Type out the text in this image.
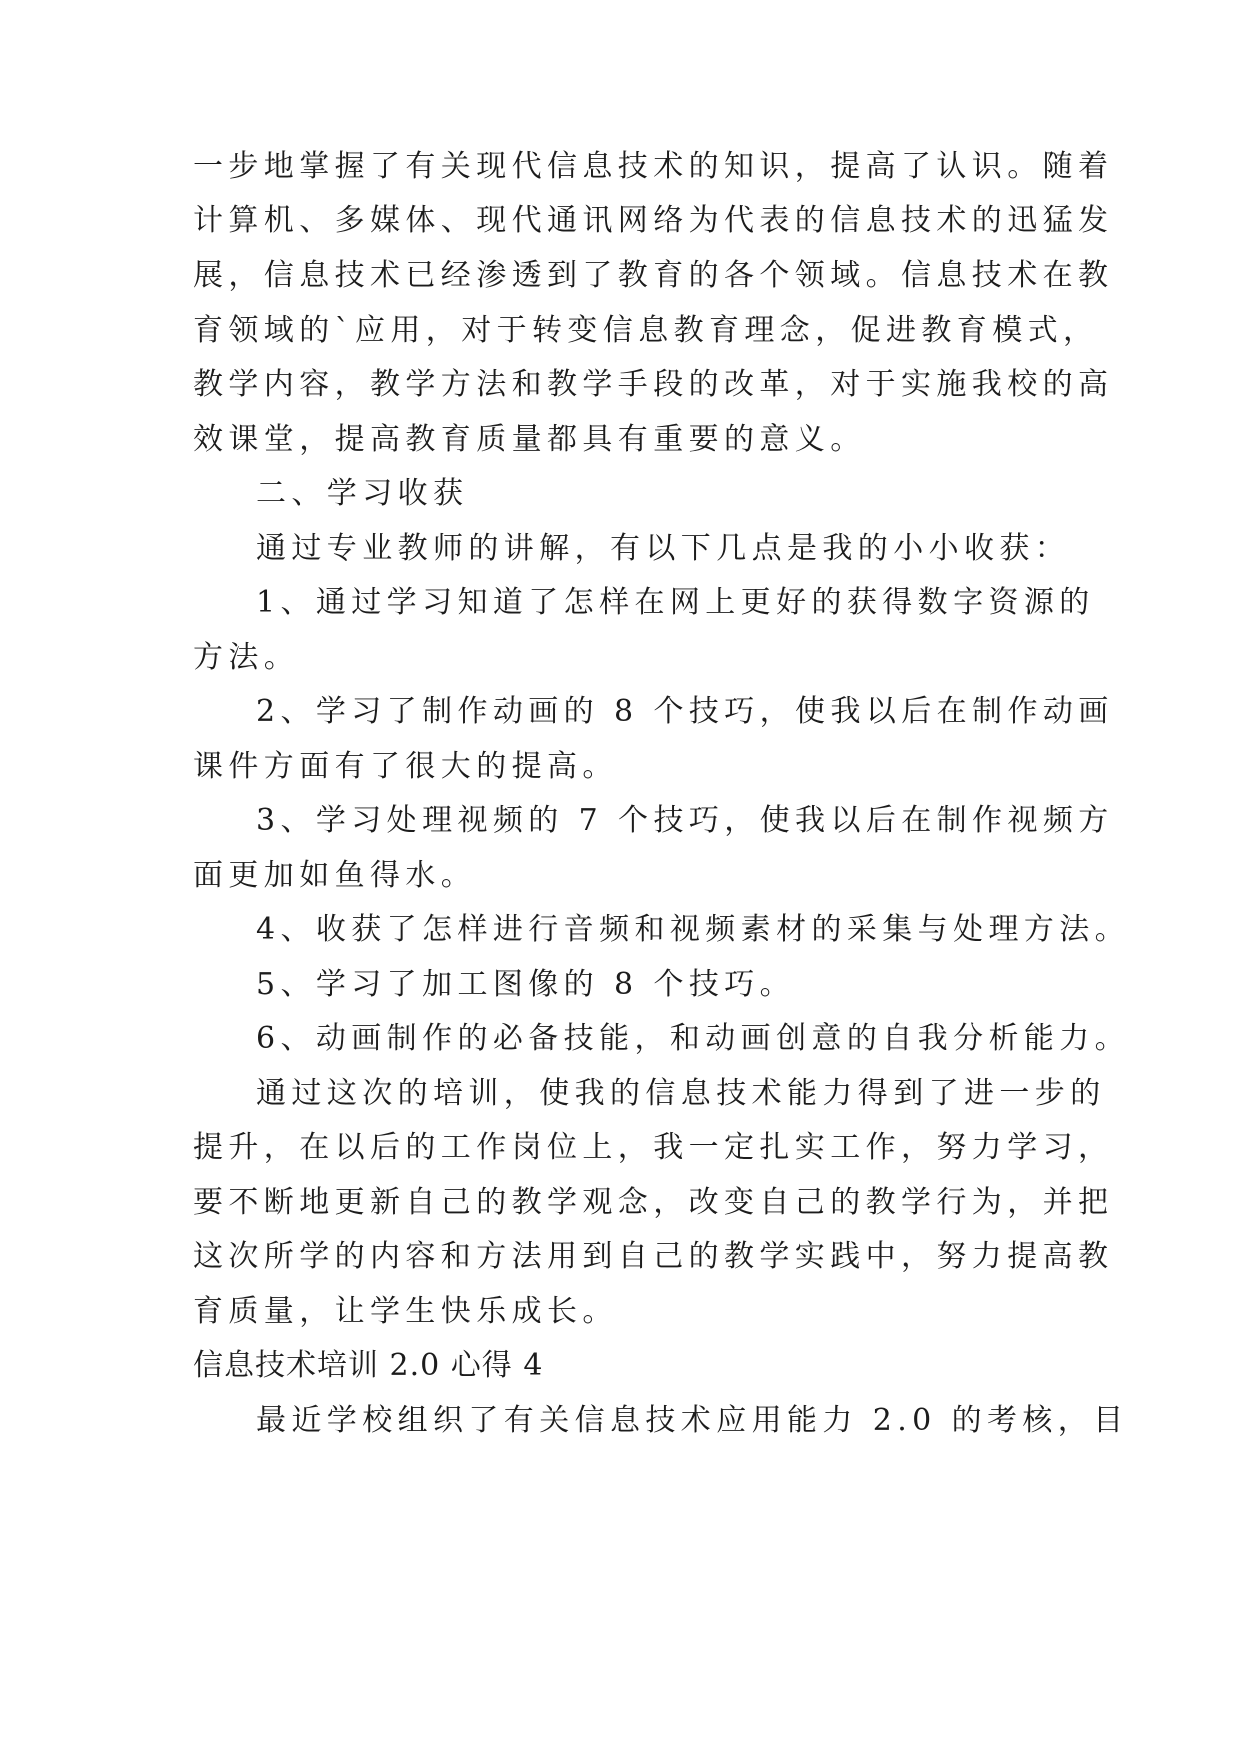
一步地掌握了有关现代信息技术的知识，提高了认识。随着
计算机、多媒体、现代通讯网络为代表的信息技术的迅猛发
展，信息技术已经渗透到了教育的各个领域。信息技术在教
育领域的`应用，对于转变信息教育理念，促进教育模式，
教学内容，教学方法和教学手段的改革，对于实施我校的高
效课堂，提高教育质量都具有重要的意义。
二、学习收获
通过专业教师的讲解，有以下几点是我的小小收获：
1、通过学习知道了怎样在网上更好的获得数字资源的
方法。
2、学习了制作动画的 8 个技巧，使我以后在制作动画
课件方面有了很大的提高。
3、学习处理视频的 7 个技巧，使我以后在制作视频方
面更加如鱼得水。
4、收获了怎样进行音频和视频素材的采集与处理方法。
5、学习了加工图像的 8 个技巧。
6、动画制作的必备技能，和动画创意的自我分析能力。
通过这次的培训，使我的信息技术能力得到了进一步的
提升，在以后的工作岗位上，我一定扎实工作，努力学习，
要不断地更新自己的教学观念，改变自己的教学行为，并把
这次所学的内容和方法用到自己的教学实践中，努力提高教
育质量，让学生快乐成长。
信息技术培训 2.0 心得 4
最近学校组织了有关信息技术应用能力 2.0 的考核，目
